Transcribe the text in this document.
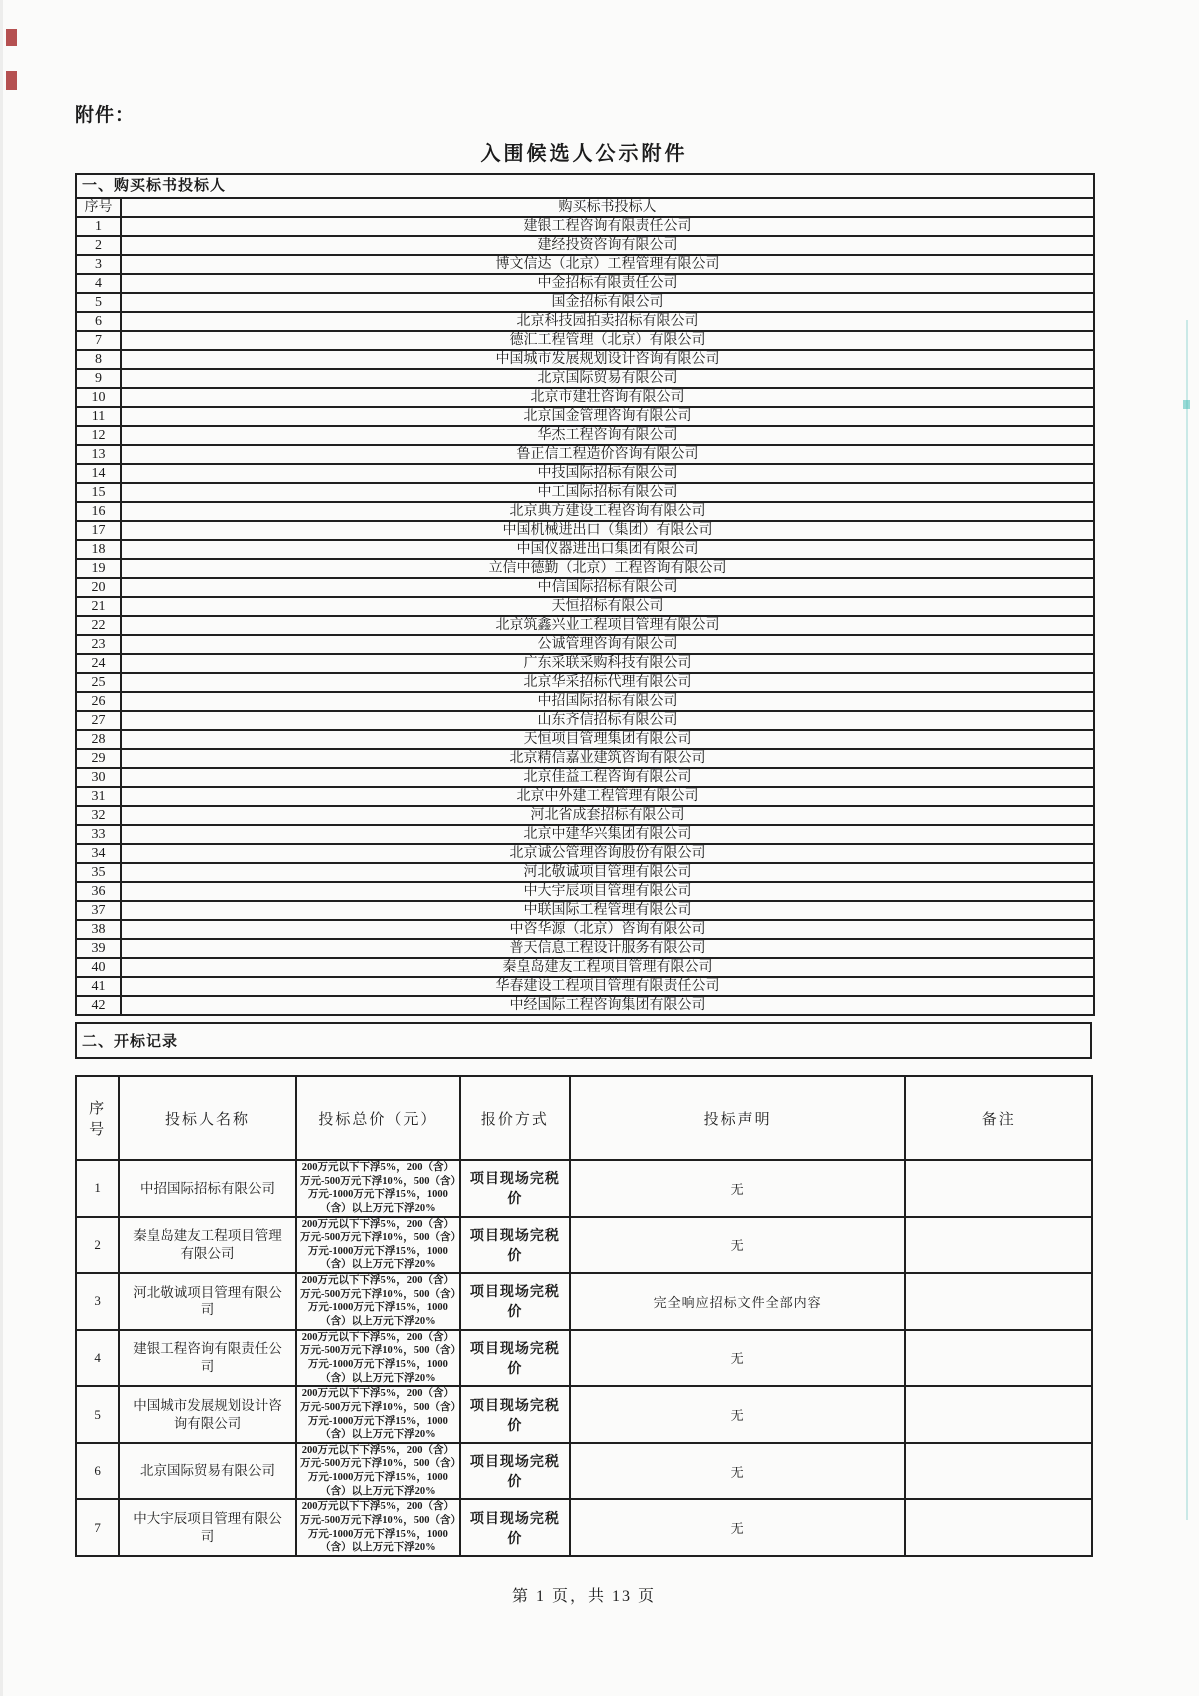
附件：
入围候选人公示附件
一、购买标书投标人	
序号	购买标书投标人
1	建银工程咨询有限责任公司
2	建经投资咨询有限公司
3	博文信达（北京）工程管理有限公司
4	中金招标有限责任公司
5	国金招标有限公司
6	北京科技园拍卖招标有限公司
7	德汇工程管理（北京）有限公司
8	中国城市发展规划设计咨询有限公司
9	北京国际贸易有限公司
10	北京市建壮咨询有限公司
11	北京国金管理咨询有限公司
12	华杰工程咨询有限公司
13	鲁正信工程造价咨询有限公司
14	中技国际招标有限公司
15	中工国际招标有限公司
16	北京典方建设工程咨询有限公司
17	中国机械进出口（集团）有限公司
18	中国仪器进出口集团有限公司
19	立信中德勤（北京）工程咨询有限公司
20	中信国际招标有限公司
21	天恒招标有限公司
22	北京筑鑫兴业工程项目管理有限公司
23	公诚管理咨询有限公司
24	广东采联采购科技有限公司
25	北京华采招标代理有限公司
26	中招国际招标有限公司
27	山东齐信招标有限公司
28	天恒项目管理集团有限公司
29	北京精信嘉业建筑咨询有限公司
30	北京佳益工程咨询有限公司
31	北京中外建工程管理有限公司
32	河北省成套招标有限公司
33	北京中建华兴集团有限公司
34	北京诚公管理咨询股份有限公司
35	河北敬诚项目管理有限公司
36	中大宇辰项目管理有限公司
37	中联国际工程管理有限公司
38	中咨华源（北京）咨询有限公司
39	普天信息工程设计服务有限公司
40	秦皇岛建友工程项目管理有限公司
41	华春建设工程项目管理有限责任公司
42	中经国际工程咨询集团有限公司
二、开标记录
序号	投标人名称	投标总价（元）	报价方式	投标声明	备注
1	中招国际招标有限公司	200万元以下下浮5%，200（含）万元-500万元下浮10%，500（含）万元-1000万元下浮15%，1000（含）以上万元下浮20%	项目现场完税价	无	
2	秦皇岛建友工程项目管理有限公司	200万元以下下浮5%，200（含）万元-500万元下浮10%，500（含）万元-1000万元下浮15%，1000（含）以上万元下浮20%	项目现场完税价	无	
3	河北敬诚项目管理有限公司	200万元以下下浮5%，200（含）万元-500万元下浮10%，500（含）万元-1000万元下浮15%，1000（含）以上万元下浮20%	项目现场完税价	完全响应招标文件全部内容	
4	建银工程咨询有限责任公司	200万元以下下浮5%，200（含）万元-500万元下浮10%，500（含）万元-1000万元下浮15%，1000（含）以上万元下浮20%	项目现场完税价	无	
5	中国城市发展规划设计咨询有限公司	200万元以下下浮5%，200（含）万元-500万元下浮10%，500（含）万元-1000万元下浮15%，1000（含）以上万元下浮20%	项目现场完税价	无	
6	北京国际贸易有限公司	200万元以下下浮5%，200（含）万元-500万元下浮10%，500（含）万元-1000万元下浮15%，1000（含）以上万元下浮20%	项目现场完税价	无	
7	中大宇辰项目管理有限公司	200万元以下下浮5%，200（含）万元-500万元下浮10%，500（含）万元-1000万元下浮15%，1000（含）以上万元下浮20%	项目现场完税价	无	
第 1 页，共 13 页
